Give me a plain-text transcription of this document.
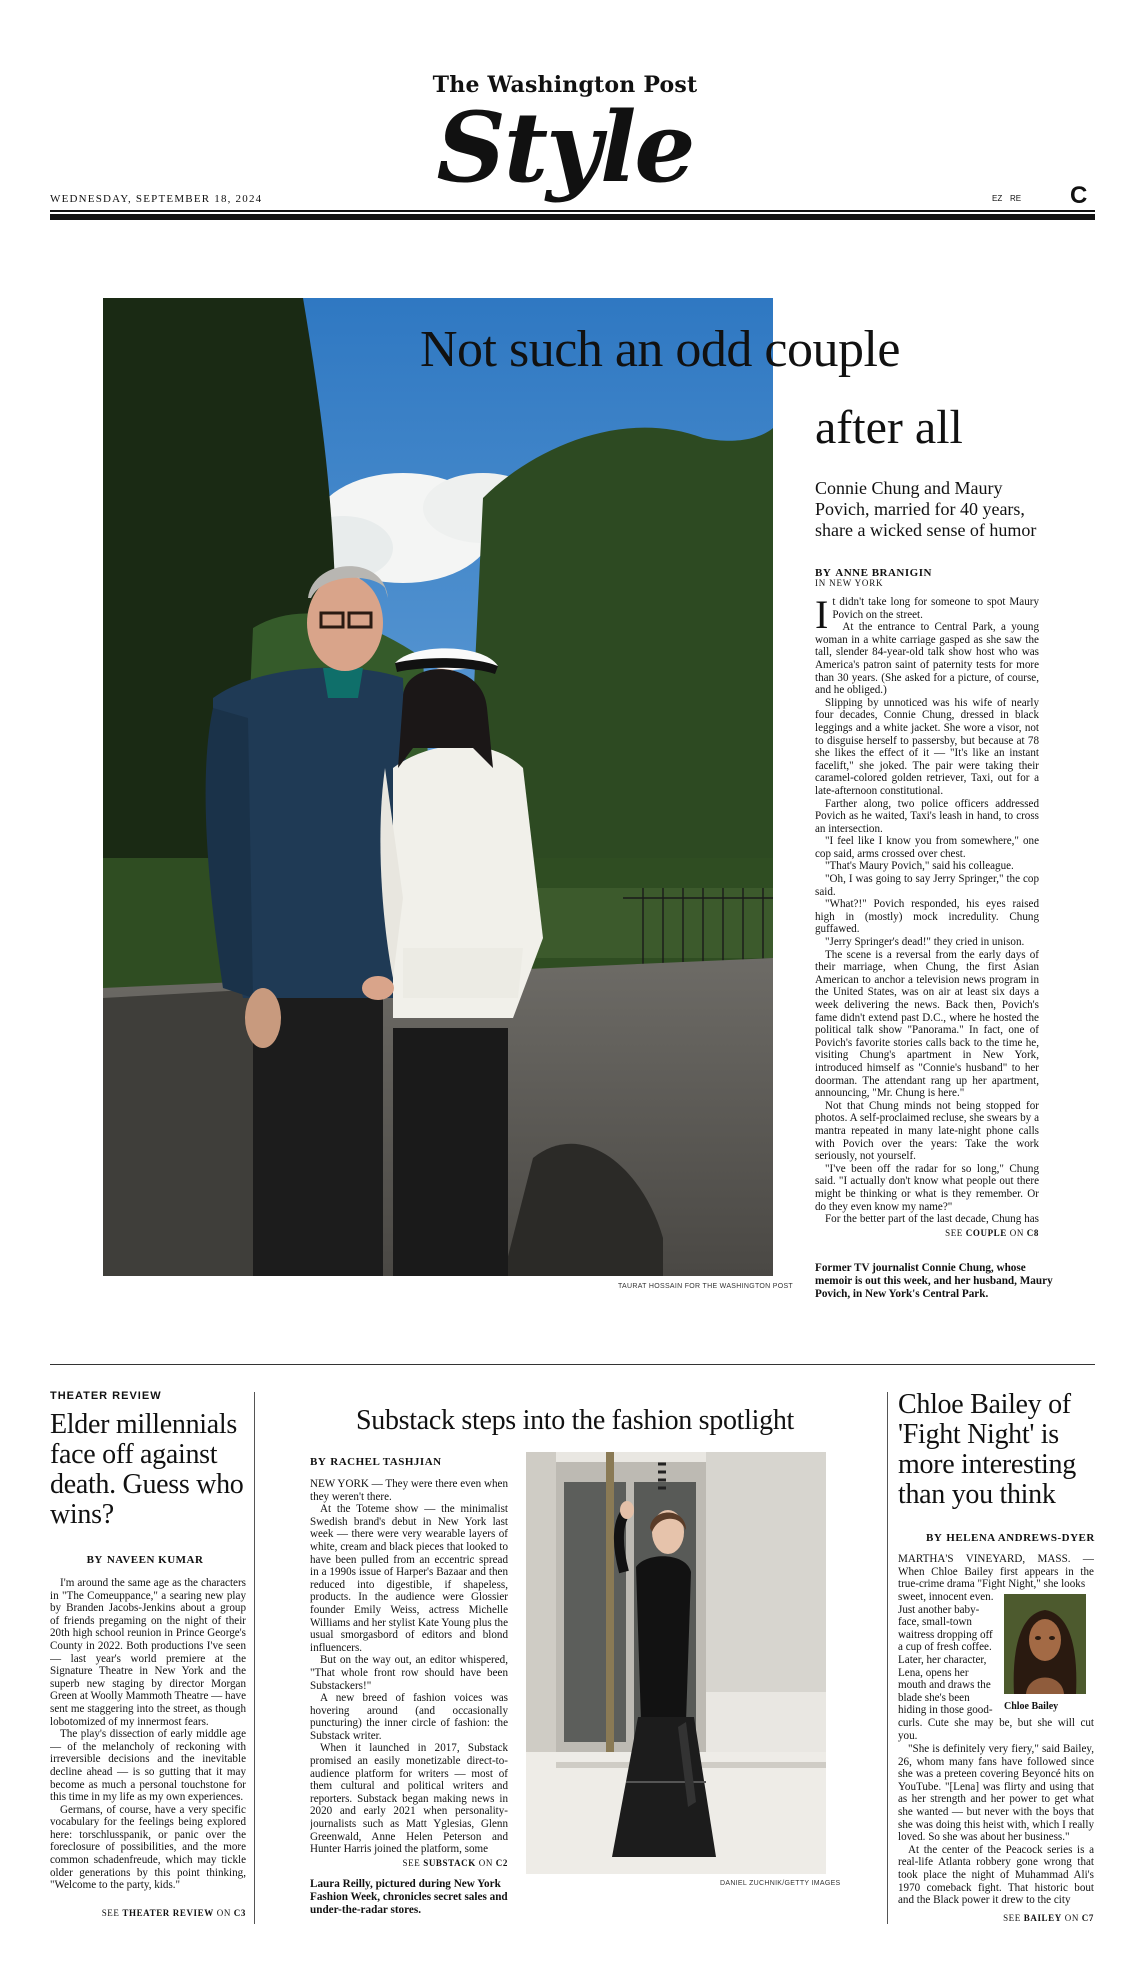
The Washington Post
Style
WEDNESDAY, SEPTEMBER 18, 2024	EZ RE C
TAURAT HOSSAIN FOR THE WASHINGTON POST
Not such an odd couple
after all
Connie Chung and Maury Povich, married for 40 years, share a wicked sense of humor
BY ANNE BRANIGIN
IN NEW YORK

It didn't take long for someone to spot Maury Povich on the street.

At the entrance to Central Park, a young woman in a white carriage gasped as she saw the tall, slender 84-year-old talk show host who was America's patron saint of paternity tests for more than 30 years. (She asked for a picture, of course, and he obliged.)

Slipping by unnoticed was his wife of nearly four decades, Connie Chung, dressed in black leggings and a white jacket. She wore a visor, not to disguise herself to passersby, but because at 78 she likes the effect of it — "It's like an instant facelift," she joked. The pair were taking their caramel-colored golden retriever, Taxi, out for a late-afternoon constitutional.

Farther along, two police officers addressed Povich as he waited, Taxi's leash in hand, to cross an intersection.

"I feel like I know you from somewhere," one cop said, arms crossed over chest.

"That's Maury Povich," said his colleague.

"Oh, I was going to say Jerry Springer," the cop said.

"What?!" Povich responded, his eyes raised high in (mostly) mock incredulity. Chung guffawed.

"Jerry Springer's dead!" they cried in unison.

The scene is a reversal from the early days of their marriage, when Chung, the first Asian American to anchor a television news program in the United States, was on air at least six days a week delivering the news. Back then, Povich's fame didn't extend past D.C., where he hosted the political talk show "Panorama." In fact, one of Povich's favorite stories calls back to the time he, visiting Chung's apartment in New York, introduced himself as "Connie's husband" to her doorman. The attendant rang up her apartment, announcing, "Mr. Chung is here."

Not that Chung minds not being stopped for photos. A self-proclaimed recluse, she swears by a mantra repeated in many late-night phone calls with Povich over the years: Take the work seriously, not yourself.

"I've been off the radar for so long," Chung said. "I actually don't know what people out there might be thinking or what is they remember. Or do they even know my name?"

For the better part of the last decade, Chung has

SEE COUPLE ON C8
Former TV journalist Connie Chung, whose memoir is out this week, and her husband, Maury Povich, in New York's Central Park.
THEATER REVIEW
Elder millennials face off against death. Guess who wins?
BY NAVEEN KUMAR

I'm around the same age as the characters in "The Comeuppance," a searing new play by Branden Jacobs-Jenkins about a group of friends pregaming on the night of their 20th high school reunion in Prince George's County in 2022. Both productions I've seen — last year's world premiere at the Signature Theatre in New York and the superb new staging by director Morgan Green at Woolly Mammoth Theatre — have sent me staggering into the street, as though lobotomized of my innermost fears.

The play's dissection of early middle age — of the melancholy of reckoning with irreversible decisions and the inevitable decline ahead — is so gutting that it may become as much a personal touchstone for this time in my life as my own experiences.

Germans, of course, have a very specific vocabulary for the feelings being explored here: torschlusspanik, or panic over the foreclosure of possibilities, and the more common schadenfreude, which may tickle older generations by this point thinking, "Welcome to the party, kids."

SEE THEATER REVIEW ON C3
Substack steps into the fashion spotlight
BY RACHEL TASHJIAN

NEW YORK — They were there even when they weren't there.

At the Toteme show — the minimalist Swedish brand's debut in New York last week — there were very wearable layers of white, cream and black pieces that looked to have been pulled from an eccentric spread in a 1990s issue of Harper's Bazaar and then reduced into digestible, if shapeless, products. In the audience were Glossier founder Emily Weiss, actress Michelle Williams and her stylist Kate Young plus the usual smorgasbord of editors and blond influencers.

But on the way out, an editor whispered, "That whole front row should have been Substackers!"

A new breed of fashion voices was hovering around (and occasionally puncturing) the inner circle of fashion: the Substack writer.

When it launched in 2017, Substack promised an easily monetizable direct-to-audience platform for writers — most of them cultural and political writers and reporters. Substack began making news in 2020 and early 2021 when personality-journalists such as Matt Yglesias, Glenn Greenwald, Anne Helen Peterson and Hunter Harris joined the platform, some

SEE SUBSTACK ON C2
Laura Reilly, pictured during New York Fashion Week, chronicles secret sales and under-the-radar stores.
DANIEL ZUCHNIK/GETTY IMAGES
Chloe Bailey of 'Fight Night' is more interesting than you think
BY HELENA ANDREWS-DYER
MARTHA'S VINEYARD, MASS. — When Chloe Bailey first appears in the true-crime drama "Fight Night," she looks
sweet, innocent even. Just another baby-face, small-town waitress dropping off a cup of fresh coffee. Later, her character, Lena, opens her mouth and draws the blade she's been hiding in those good-	Chloe Bailey
curls. Cute she may be, but she will cut you.

"She is definitely very fiery," said Bailey, 26, whom many fans have followed since she was a preteen covering Beyoncé hits on YouTube. "[Lena] was flirty and using that as her strength and her power to get what she wanted — but never with the boys that she was doing this heist with, which I really loved. So she was about her business."

At the center of the Peacock series is a real-life Atlanta robbery gone wrong that took place the night of Muhammad Ali's 1970 comeback fight. That historic bout and the Black power it drew to the city

SEE BAILEY ON C7
